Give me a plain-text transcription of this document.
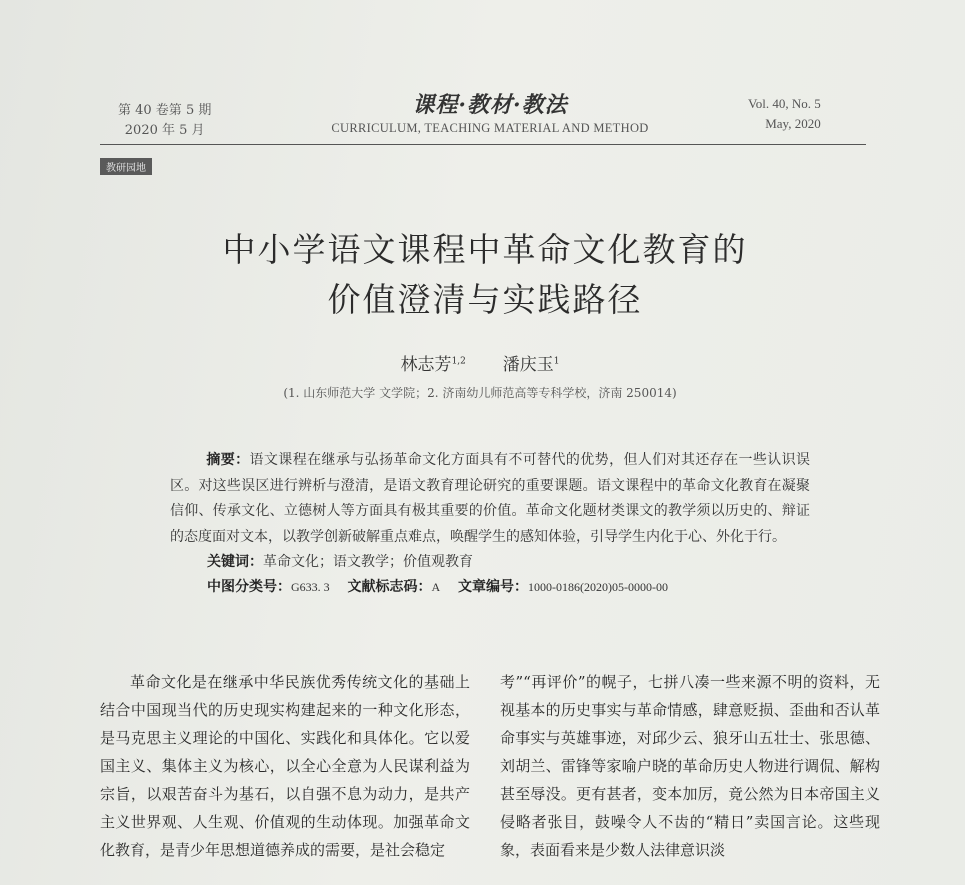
第 40 卷第 5 期
2020 年 5 月
课程·教材·教法
CURRICULUM, TEACHING MATERIAL AND METHOD
Vol. 40, No. 5
May, 2020
教研园地
中小学语文课程中革命文化教育的
价值澄清与实践路径
林志芳$^{1,2}$ 潘庆玉$^1$
(1. 山东师范大学 文学院；2. 济南幼儿师范高等专科学校，济南 250014)

摘要：语文课程在继承与弘扬革命文化方面具有不可替代的优势，但人们对其还存在一些认识误区。对这些误区进行辨析与澄清，是语文教育理论研究的重要课题。语文课程中的革命文化教育在凝聚信仰、传承文化、立德树人等方面具有极其重要的价值。革命文化题材类课文的教学须以历史的、辩证的态度面对文本，以教学创新破解重点难点，唤醒学生的感知体验，引导学生内化于心、外化于行。

关键词：革命文化；语文教学；价值观教育

中图分类号：G633. 3 文献标志码：A 文章编号：1000-0186(2020)05-0000-00

革命文化是在继承中华民族优秀传统文化的基础上结合中国现当代的历史现实构建起来的一种文化形态，是马克思主义理论的中国化、实践化和具体化。它以爱国主义、集体主义为核心，以全心全意为人民谋利益为宗旨，以艰苦奋斗为基石，以自强不息为动力，是共产主义世界观、人生观、价值观的生动体现。加强革命文化教育，是青少年思想道德养成的需要，是社会稳定

考”“再评价”的幌子，七拼八凑一些来源不明的资料，无视基本的历史事实与革命情感，肆意贬损、歪曲和否认革命事实与英雄事迹，对邱少云、狼牙山五壮士、张思德、刘胡兰、雷锋等家喻户晓的革命历史人物进行调侃、解构甚至辱没。更有甚者，变本加厉，竟公然为日本帝国主义侵略者张目，鼓噪令人不齿的“精日”卖国言论。这些现象，表面看来是少数人法律意识淡
